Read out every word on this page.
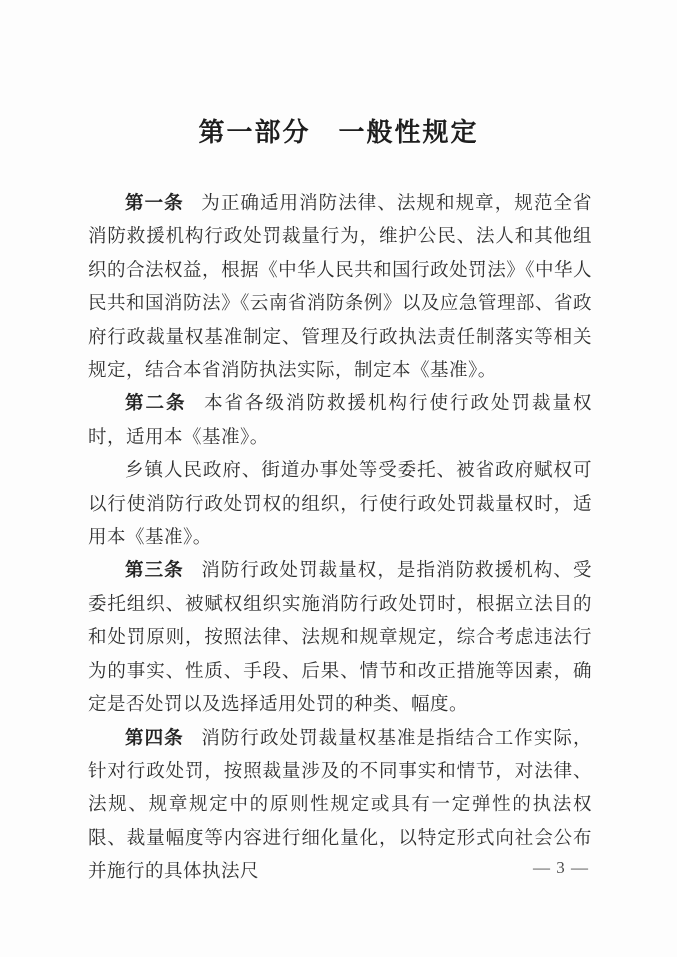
第一部分　一般性规定

第一条 为正确适用消防法律、法规和规章，规范全省消防救援机构行政处罚裁量行为，维护公民、法人和其他组织的合法权益，根据《中华人民共和国行政处罚法》《中华人民共和国消防法》《云南省消防条例》以及应急管理部、省政府行政裁量权基准制定、管理及行政执法责任制落实等相关规定，结合本省消防执法实际，制定本《基准》。

第二条 本省各级消防救援机构行使行政处罚裁量权时，适用本《基准》。

乡镇人民政府、街道办事处等受委托、被省政府赋权可以行使消防行政处罚权的组织，行使行政处罚裁量权时，适用本《基准》。

第三条 消防行政处罚裁量权，是指消防救援机构、受委托组织、被赋权组织实施消防行政处罚时，根据立法目的和处罚原则，按照法律、法规和规章规定，综合考虑违法行为的事实、性质、手段、后果、情节和改正措施等因素，确定是否处罚以及选择适用处罚的种类、幅度。

第四条 消防行政处罚裁量权基准是指结合工作实际，针对行政处罚，按照裁量涉及的不同事实和情节，对法律、法规、规章规定中的原则性规定或具有一定弹性的执法权限、裁量幅度等内容进行细化量化，以特定形式向社会公布并施行的具体执法尺	— 3 —
